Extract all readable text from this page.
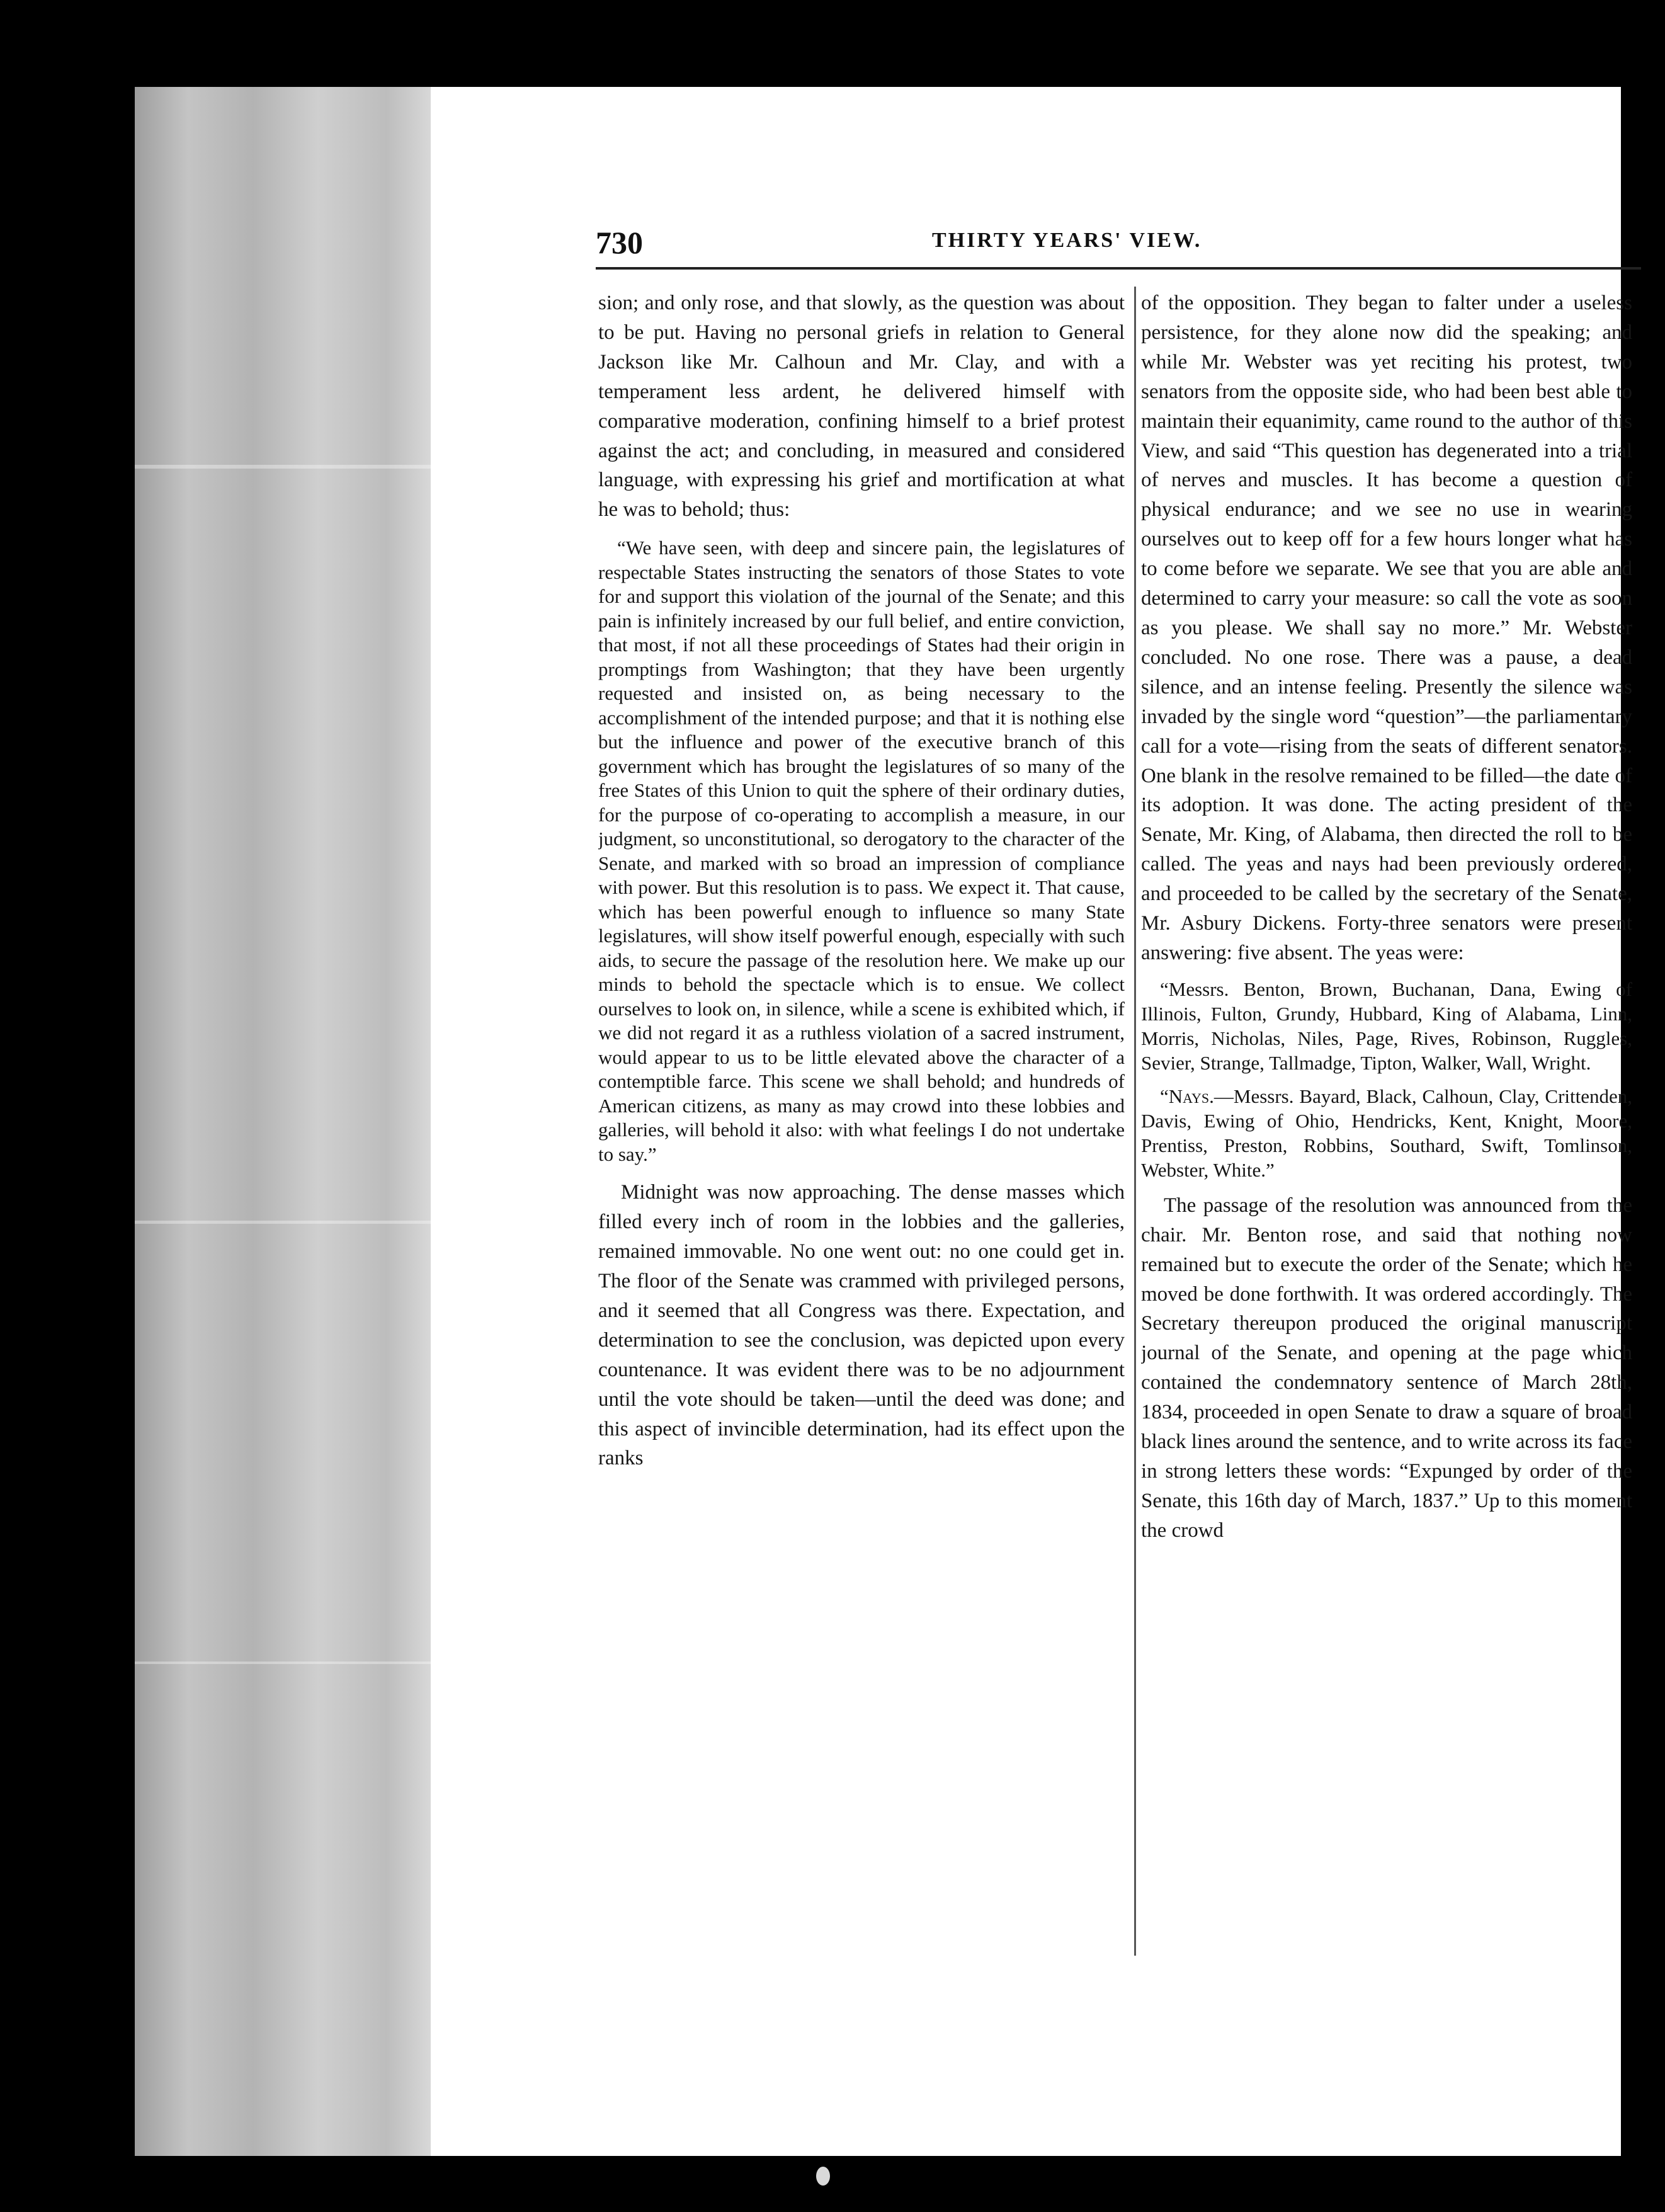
730	THIRTY YEARS' VIEW.

sion; and only rose, and that slowly, as the question was about to be put. Having no personal griefs in relation to General Jackson like Mr. Calhoun and Mr. Clay, and with a temperament less ardent, he delivered himself with comparative moderation, confining himself to a brief protest against the act; and concluding, in measured and considered language, with expressing his grief and mortification at what he was to behold; thus:

“We have seen, with deep and sincere pain, the legislatures of respectable States instructing the senators of those States to vote for and support this violation of the journal of the Senate; and this pain is infinitely increased by our full belief, and entire conviction, that most, if not all these proceedings of States had their origin in promptings from Washington; that they have been urgently requested and insisted on, as being necessary to the accomplishment of the intended purpose; and that it is nothing else but the influence and power of the executive branch of this government which has brought the legislatures of so many of the free States of this Union to quit the sphere of their ordinary duties, for the purpose of co-operating to accomplish a measure, in our judgment, so unconstitutional, so derogatory to the character of the Senate, and marked with so broad an impression of compliance with power. But this resolution is to pass. We expect it. That cause, which has been powerful enough to influence so many State legislatures, will show itself powerful enough, especially with such aids, to secure the passage of the resolution here. We make up our minds to behold the spectacle which is to ensue. We collect ourselves to look on, in silence, while a scene is exhibited which, if we did not regard it as a ruthless violation of a sacred instrument, would appear to us to be little elevated above the character of a contemptible farce. This scene we shall behold; and hundreds of American citizens, as many as may crowd into these lobbies and galleries, will behold it also: with what feelings I do not undertake to say.”

Midnight was now approaching. The dense masses which filled every inch of room in the lobbies and the galleries, remained immovable. No one went out: no one could get in. The floor of the Senate was crammed with privileged persons, and it seemed that all Congress was there. Expectation, and determination to see the conclusion, was depicted upon every countenance. It was evident there was to be no adjournment until the vote should be taken—until the deed was done; and this aspect of invincible determination, had its effect upon the ranks

of the opposition. They began to falter under a useless persistence, for they alone now did the speaking; and while Mr. Webster was yet reciting his protest, two senators from the opposite side, who had been best able to maintain their equanimity, came round to the author of this View, and said “This question has degenerated into a trial of nerves and muscles. It has become a question of physical endurance; and we see no use in wearing ourselves out to keep off for a few hours longer what has to come before we separate. We see that you are able and determined to carry your measure: so call the vote as soon as you please. We shall say no more.” Mr. Webster concluded. No one rose. There was a pause, a dead silence, and an intense feeling. Presently the silence was invaded by the single word “question”—the parliamentary call for a vote—rising from the seats of different senators. One blank in the resolve remained to be filled—the date of its adoption. It was done. The acting president of the Senate, Mr. King, of Alabama, then directed the roll to be called. The yeas and nays had been previously ordered, and proceeded to be called by the secretary of the Senate, Mr. Asbury Dickens. Forty-three senators were present answering: five absent. The yeas were:

“Messrs. Benton, Brown, Buchanan, Dana, Ewing of Illinois, Fulton, Grundy, Hubbard, King of Alabama, Linn, Morris, Nicholas, Niles, Page, Rives, Robinson, Ruggles, Sevier, Strange, Tallmadge, Tipton, Walker, Wall, Wright.

“Nays.—Messrs. Bayard, Black, Calhoun, Clay, Crittenden, Davis, Ewing of Ohio, Hendricks, Kent, Knight, Moore, Prentiss, Preston, Robbins, Southard, Swift, Tomlinson, Webster, White.”

The passage of the resolution was announced from the chair. Mr. Benton rose, and said that nothing now remained but to execute the order of the Senate; which he moved be done forthwith. It was ordered accordingly. The Secretary thereupon produced the original manuscript journal of the Senate, and opening at the page which contained the condemnatory sentence of March 28th, 1834, proceeded in open Senate to draw a square of broad black lines around the sentence, and to write across its face in strong letters these words: “Expunged by order of the Senate, this 16th day of March, 1837.” Up to this moment the crowd
